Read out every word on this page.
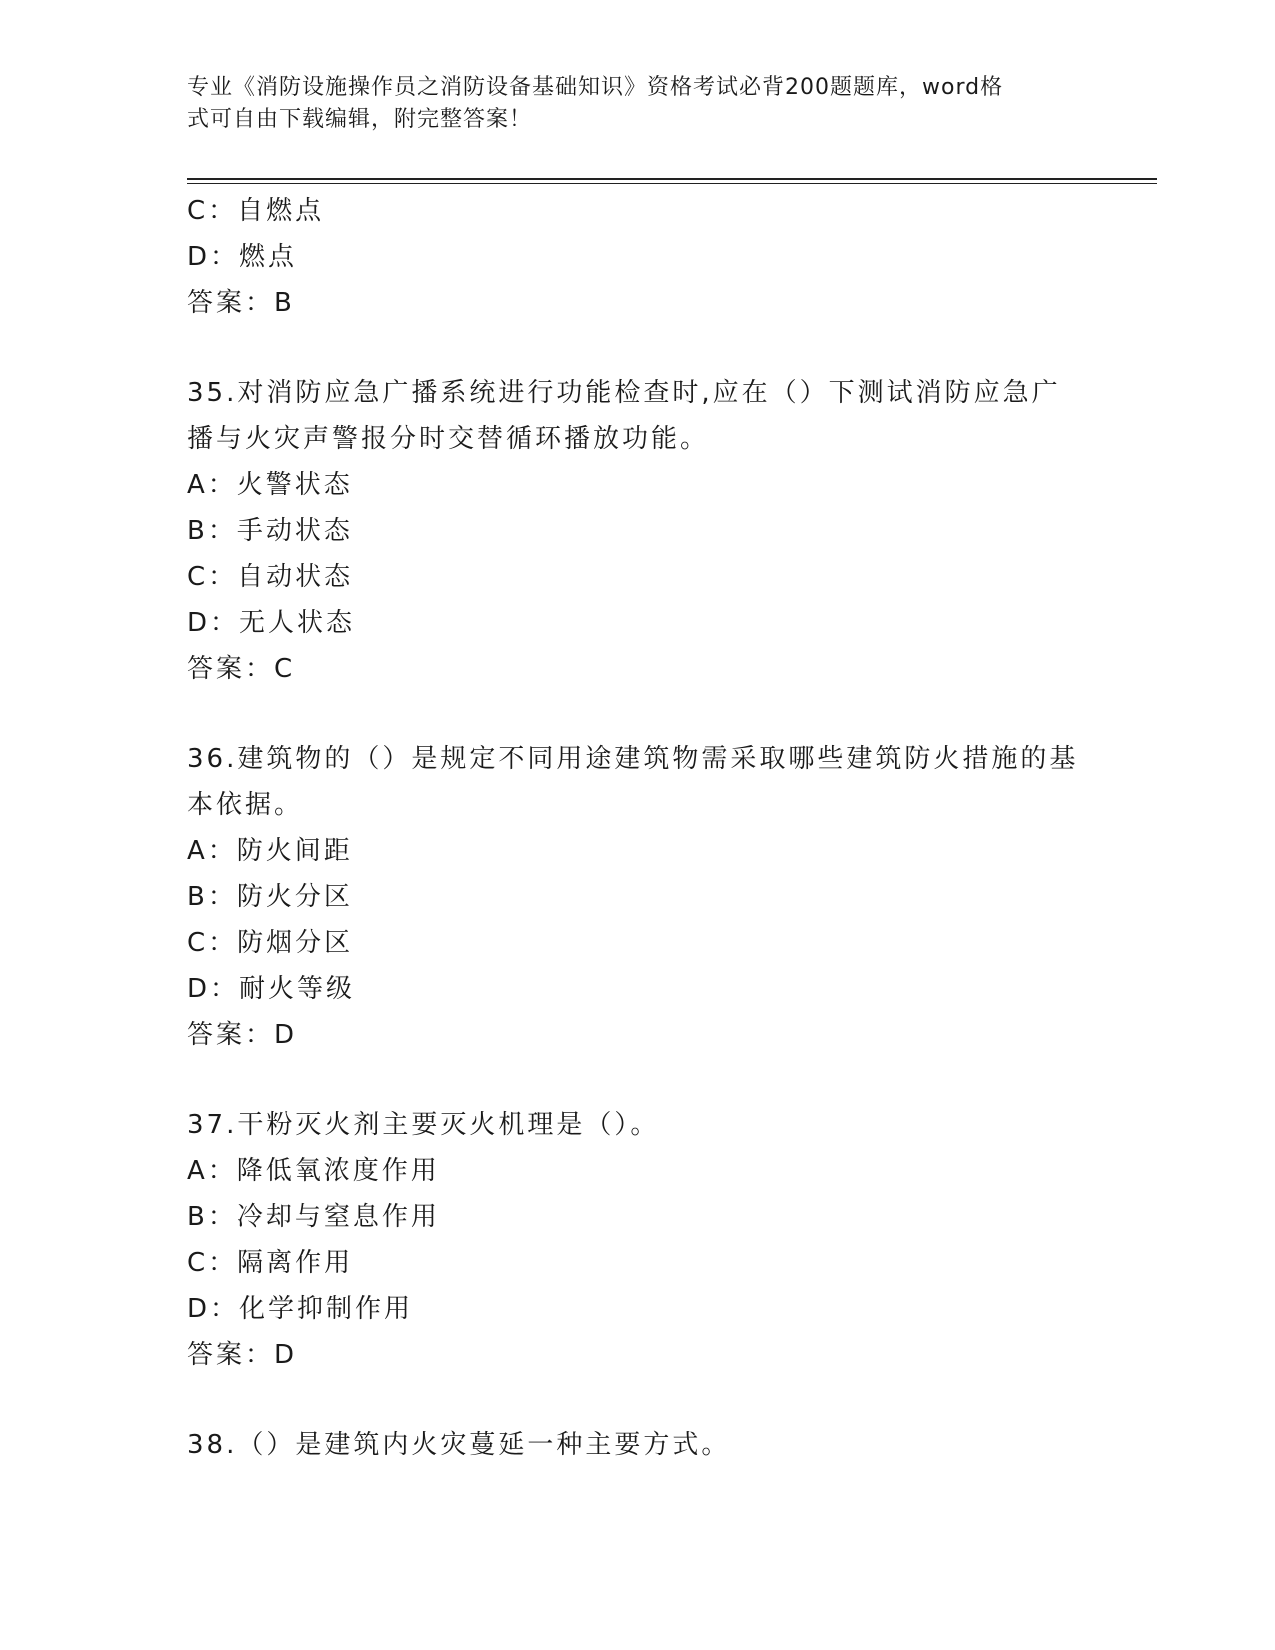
专业《消防设施操作员之消防设备基础知识》资格考试必背200题题库，word格
式可自由下载编辑，附完整答案！
C：自燃点
D：燃点
答案：B
35.对消防应急广播系统进行功能检查时,应在（）下测试消防应急广
播与火灾声警报分时交替循环播放功能。
A：火警状态
B：手动状态
C：自动状态
D：无人状态
答案：C
36.建筑物的（）是规定不同用途建筑物需采取哪些建筑防火措施的基
本依据。
A：防火间距
B：防火分区
C：防烟分区
D：耐火等级
答案：D
37.干粉灭火剂主要灭火机理是（）。
A：降低氧浓度作用
B：冷却与窒息作用
C：隔离作用
D：化学抑制作用
答案：D
38.（）是建筑内火灾蔓延一种主要方式。
